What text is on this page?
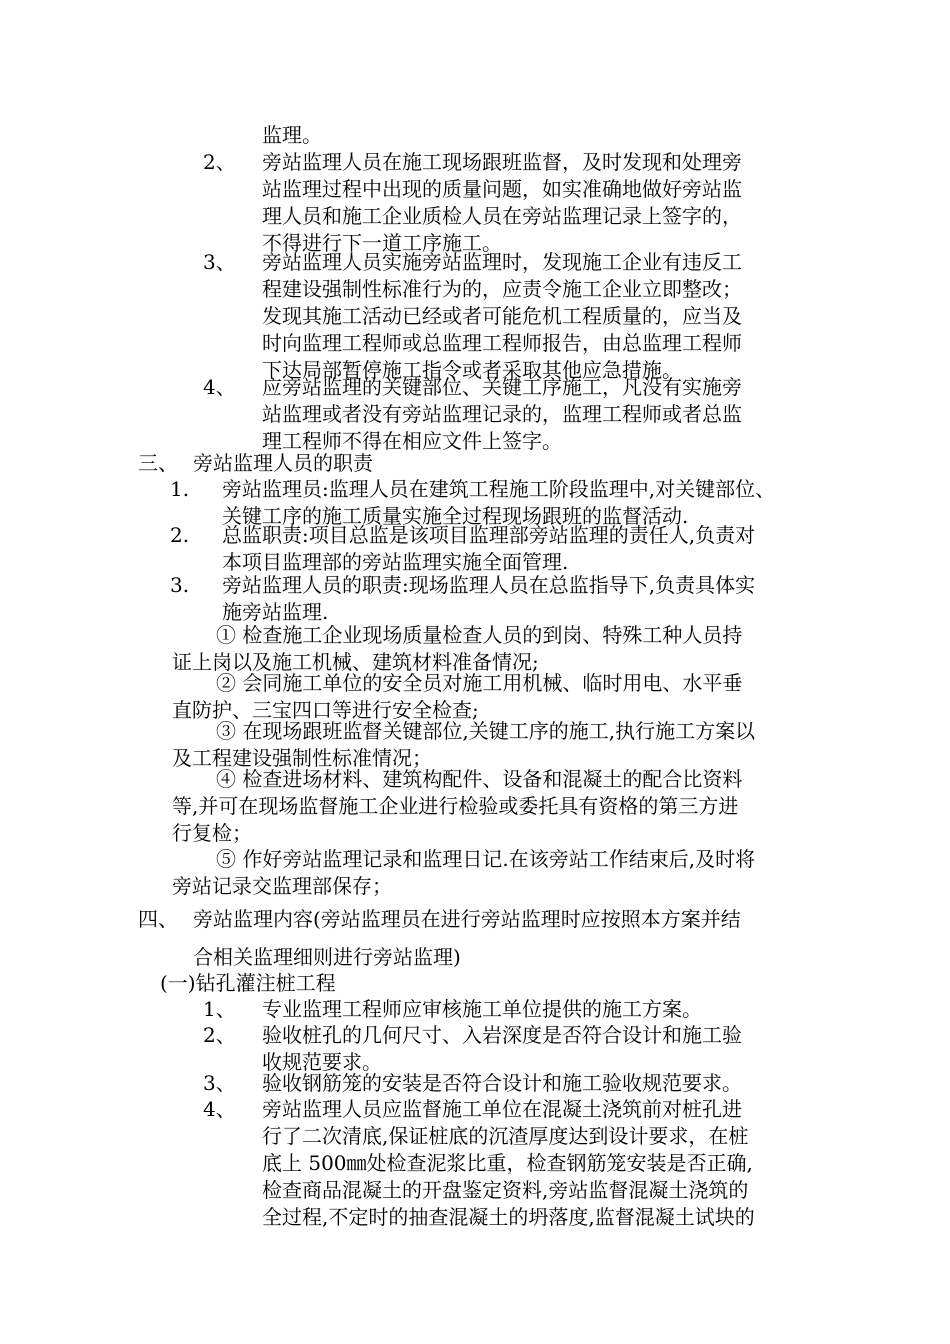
监理。
2、 旁站监理人员在施工现场跟班监督，及时发现和处理旁
站监理过程中出现的质量问题，如实准确地做好旁站监
理人员和施工企业质检人员在旁站监理记录上签字的，
不得进行下一道工序施工。
3、 旁站监理人员实施旁站监理时，发现施工企业有违反工
程建设强制性标准行为的，应责令施工企业立即整改；
发现其施工活动已经或者可能危机工程质量的，应当及
时向监理工程师或总监理工程师报告，由总监理工程师
下达局部暂停施工指令或者采取其他应急措施。
4、 应旁站监理的关键部位、关键工序施工，凡没有实施旁
站监理或者没有旁站监理记录的，监理工程师或者总监
理工程师不得在相应文件上签字。
三、 旁站监理人员的职责
1. 旁站监理员:监理人员在建筑工程施工阶段监理中,对关键部位、
关键工序的施工质量实施全过程现场跟班的监督活动.
2. 总监职责:项目总监是该项目监理部旁站监理的责任人,负责对
本项目监理部的旁站监理实施全面管理.
3. 旁站监理人员的职责:现场监理人员在总监指导下,负责具体实
施旁站监理.
① 检查施工企业现场质量检查人员的到岗、特殊工种人员持
证上岗以及施工机械、建筑材料准备情况;
② 会同施工单位的安全员对施工用机械、临时用电、水平垂
直防护、三宝四口等进行安全检查;
③ 在现场跟班监督关键部位,关键工序的施工,执行施工方案以
及工程建设强制性标准情况；
④ 检查进场材料、建筑构配件、设备和混凝土的配合比资料
等,并可在现场监督施工企业进行检验或委托具有资格的第三方进
行复检；
⑤ 作好旁站监理记录和监理日记.在该旁站工作结束后,及时将
旁站记录交监理部保存；
四、 旁站监理内容(旁站监理员在进行旁站监理时应按照本方案并结
合相关监理细则进行旁站监理)
(一)钻孔灌注桩工程
1、 专业监理工程师应审核施工单位提供的施工方案。
2、 验收桩孔的几何尺寸、入岩深度是否符合设计和施工验
收规范要求。
3、 验收钢筋笼的安装是否符合设计和施工验收规范要求。
4、 旁站监理人员应监督施工单位在混凝土浇筑前对桩孔进
行了二次清底,保证桩底的沉渣厚度达到设计要求，在桩
底上 500㎜处检查泥浆比重，检查钢筋笼安装是否正确,
检查商品混凝土的开盘鉴定资料,旁站监督混凝土浇筑的
全过程,不定时的抽查混凝土的坍落度,监督混凝土试块的
